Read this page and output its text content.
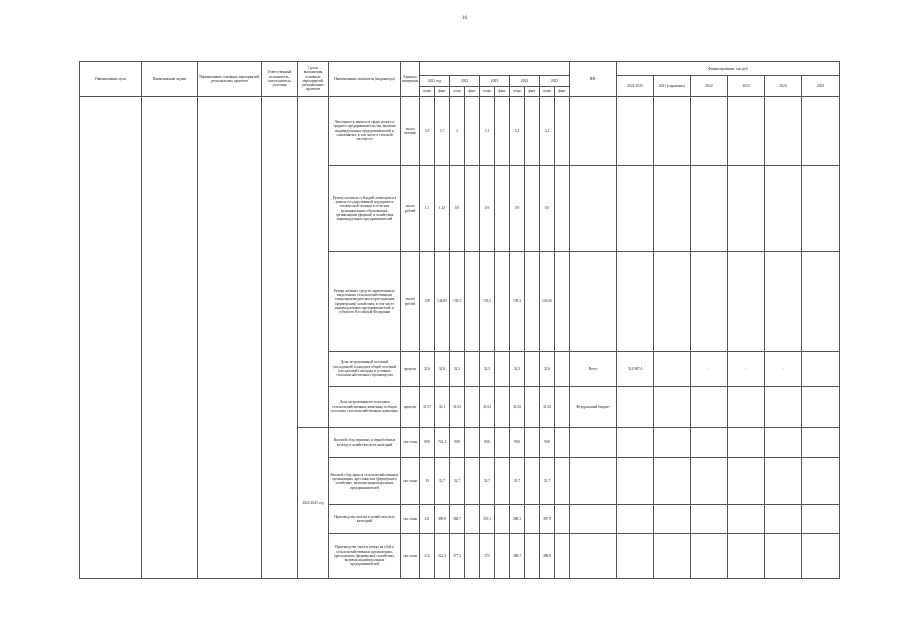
16
Наименование цели	Наименование задачи	Наименование основных мероприятий, региональных проектов	Ответственный исполнитель, соисполнитель, участник	Сроки выполнения основных мероприятий, региональных проектов	Наименование показателя (индикатора)	Единица измерения											ИФ¹	Финансирование, тыс.руб					
							2021 год		2022		2023		2024		2025			2022-2025	2021 (справочно)	2022	2023	2024	2025
							план	факт	план	факт	план	факт	план	факт	план	факт							
					Численность занятых в сфере малого и среднего предпринимательства, включая индивидуальных предпринимателей и самозанятых, в том числе в сельской местности	тысяч человек	3,5	3,7	3		3,1		3,2		3,2								
					Размер льготных субсидий, имеющихся в рамках государственной поддержки и технической помощи в сельских муниципальных образованиях, организациям (формам) и хозяйствам индивидуальных предпринимателей	тысяч рублей	1,1	1,23	0,9		0,9		0,9		0,9								
					Размер заемных средств, привлеченных, выделенных сельскохозяйственным товаропроизводителям и крестьянским (фермерским) хозяйствам, в том числе индивидуальных предпринимателей, и субъектов Российской Федерации	тысяч рублей	138	146,85	139,3		139,3		139,3		136,36								
					Доля застрахованной посевной (посадочной) площади в общей посевной (посадочной) площади в условиях сельскохозяйственного производства	процент	32,6	32,8	32,5		32,5		32,5		32,6		Всего	314 987,4		-	-	-	
					Доля застрахованного поголовья сельскохозяйственных животных в общем поголовье сельскохозяйственных животных	процент	31,57	32,1	31,02		31,02		31,02		31,02		Федеральный бюджет						
				2022-2025 год	Валовой сбор зерновых и зернобобовых культур в хозяйствах всех категорий	тыс.тонн	890	742,4	900		890		900		900								
					Валовой сбор зерна в сельскохозяйственных организациях, крестьянских (фермерских) хозяйствах, включая индивидуальных предпринимателей	тыс.тонн	19	33,7	32,7		33,7		33,7		33,7								
					Производство молока в хозяйствах всех категорий	тыс.тонн	321	399,9	368,7		391,3		398,3		397,9								
					Производство скота и птицы на убой в сельскохозяйственных организациях, крестьянских (фермерских) хозяйствах, включая индивидуальных предпринимателей	тыс.тонн	312	322,5	377,2		373		388,7		398,8								
